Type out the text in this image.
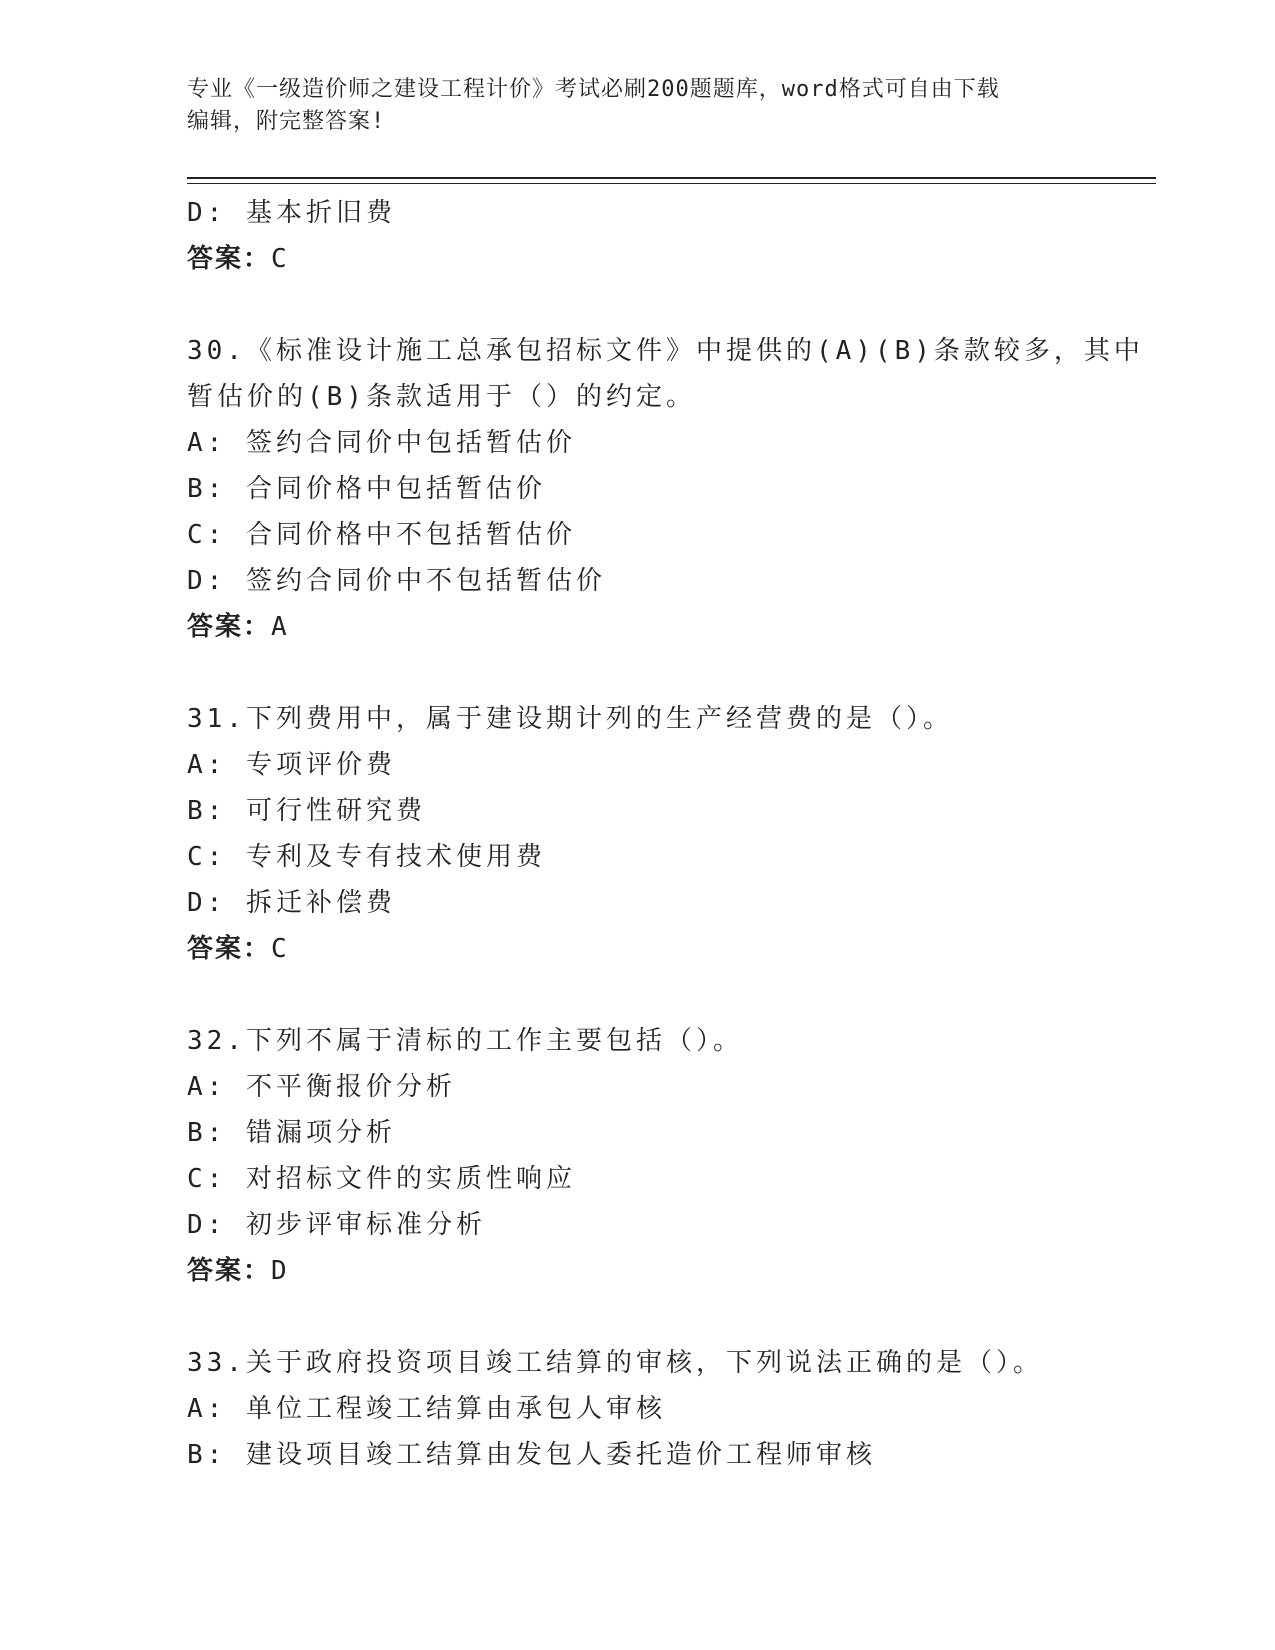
专业《一级造价师之建设工程计价》考试必刷200题题库，word格式可自由下载
编辑，附完整答案!
D: 基本折旧费
答案：C
30.《标准设计施工总承包招标文件》中提供的(A)(B)条款较多，其中
暂估价的(B)条款适用于（）的约定。
A: 签约合同价中包括暂估价
B: 合同价格中包括暂估价
C: 合同价格中不包括暂估价
D: 签约合同价中不包括暂估价
答案：A
31.下列费用中，属于建设期计列的生产经营费的是（）。
A: 专项评价费
B: 可行性研究费
C: 专利及专有技术使用费
D: 拆迁补偿费
答案：C
32.下列不属于清标的工作主要包括（）。
A: 不平衡报价分析
B: 错漏项分析
C: 对招标文件的实质性响应
D: 初步评审标准分析
答案：D
33.关于政府投资项目竣工结算的审核，下列说法正确的是（）。
A: 单位工程竣工结算由承包人审核
B: 建设项目竣工结算由发包人委托造价工程师审核
